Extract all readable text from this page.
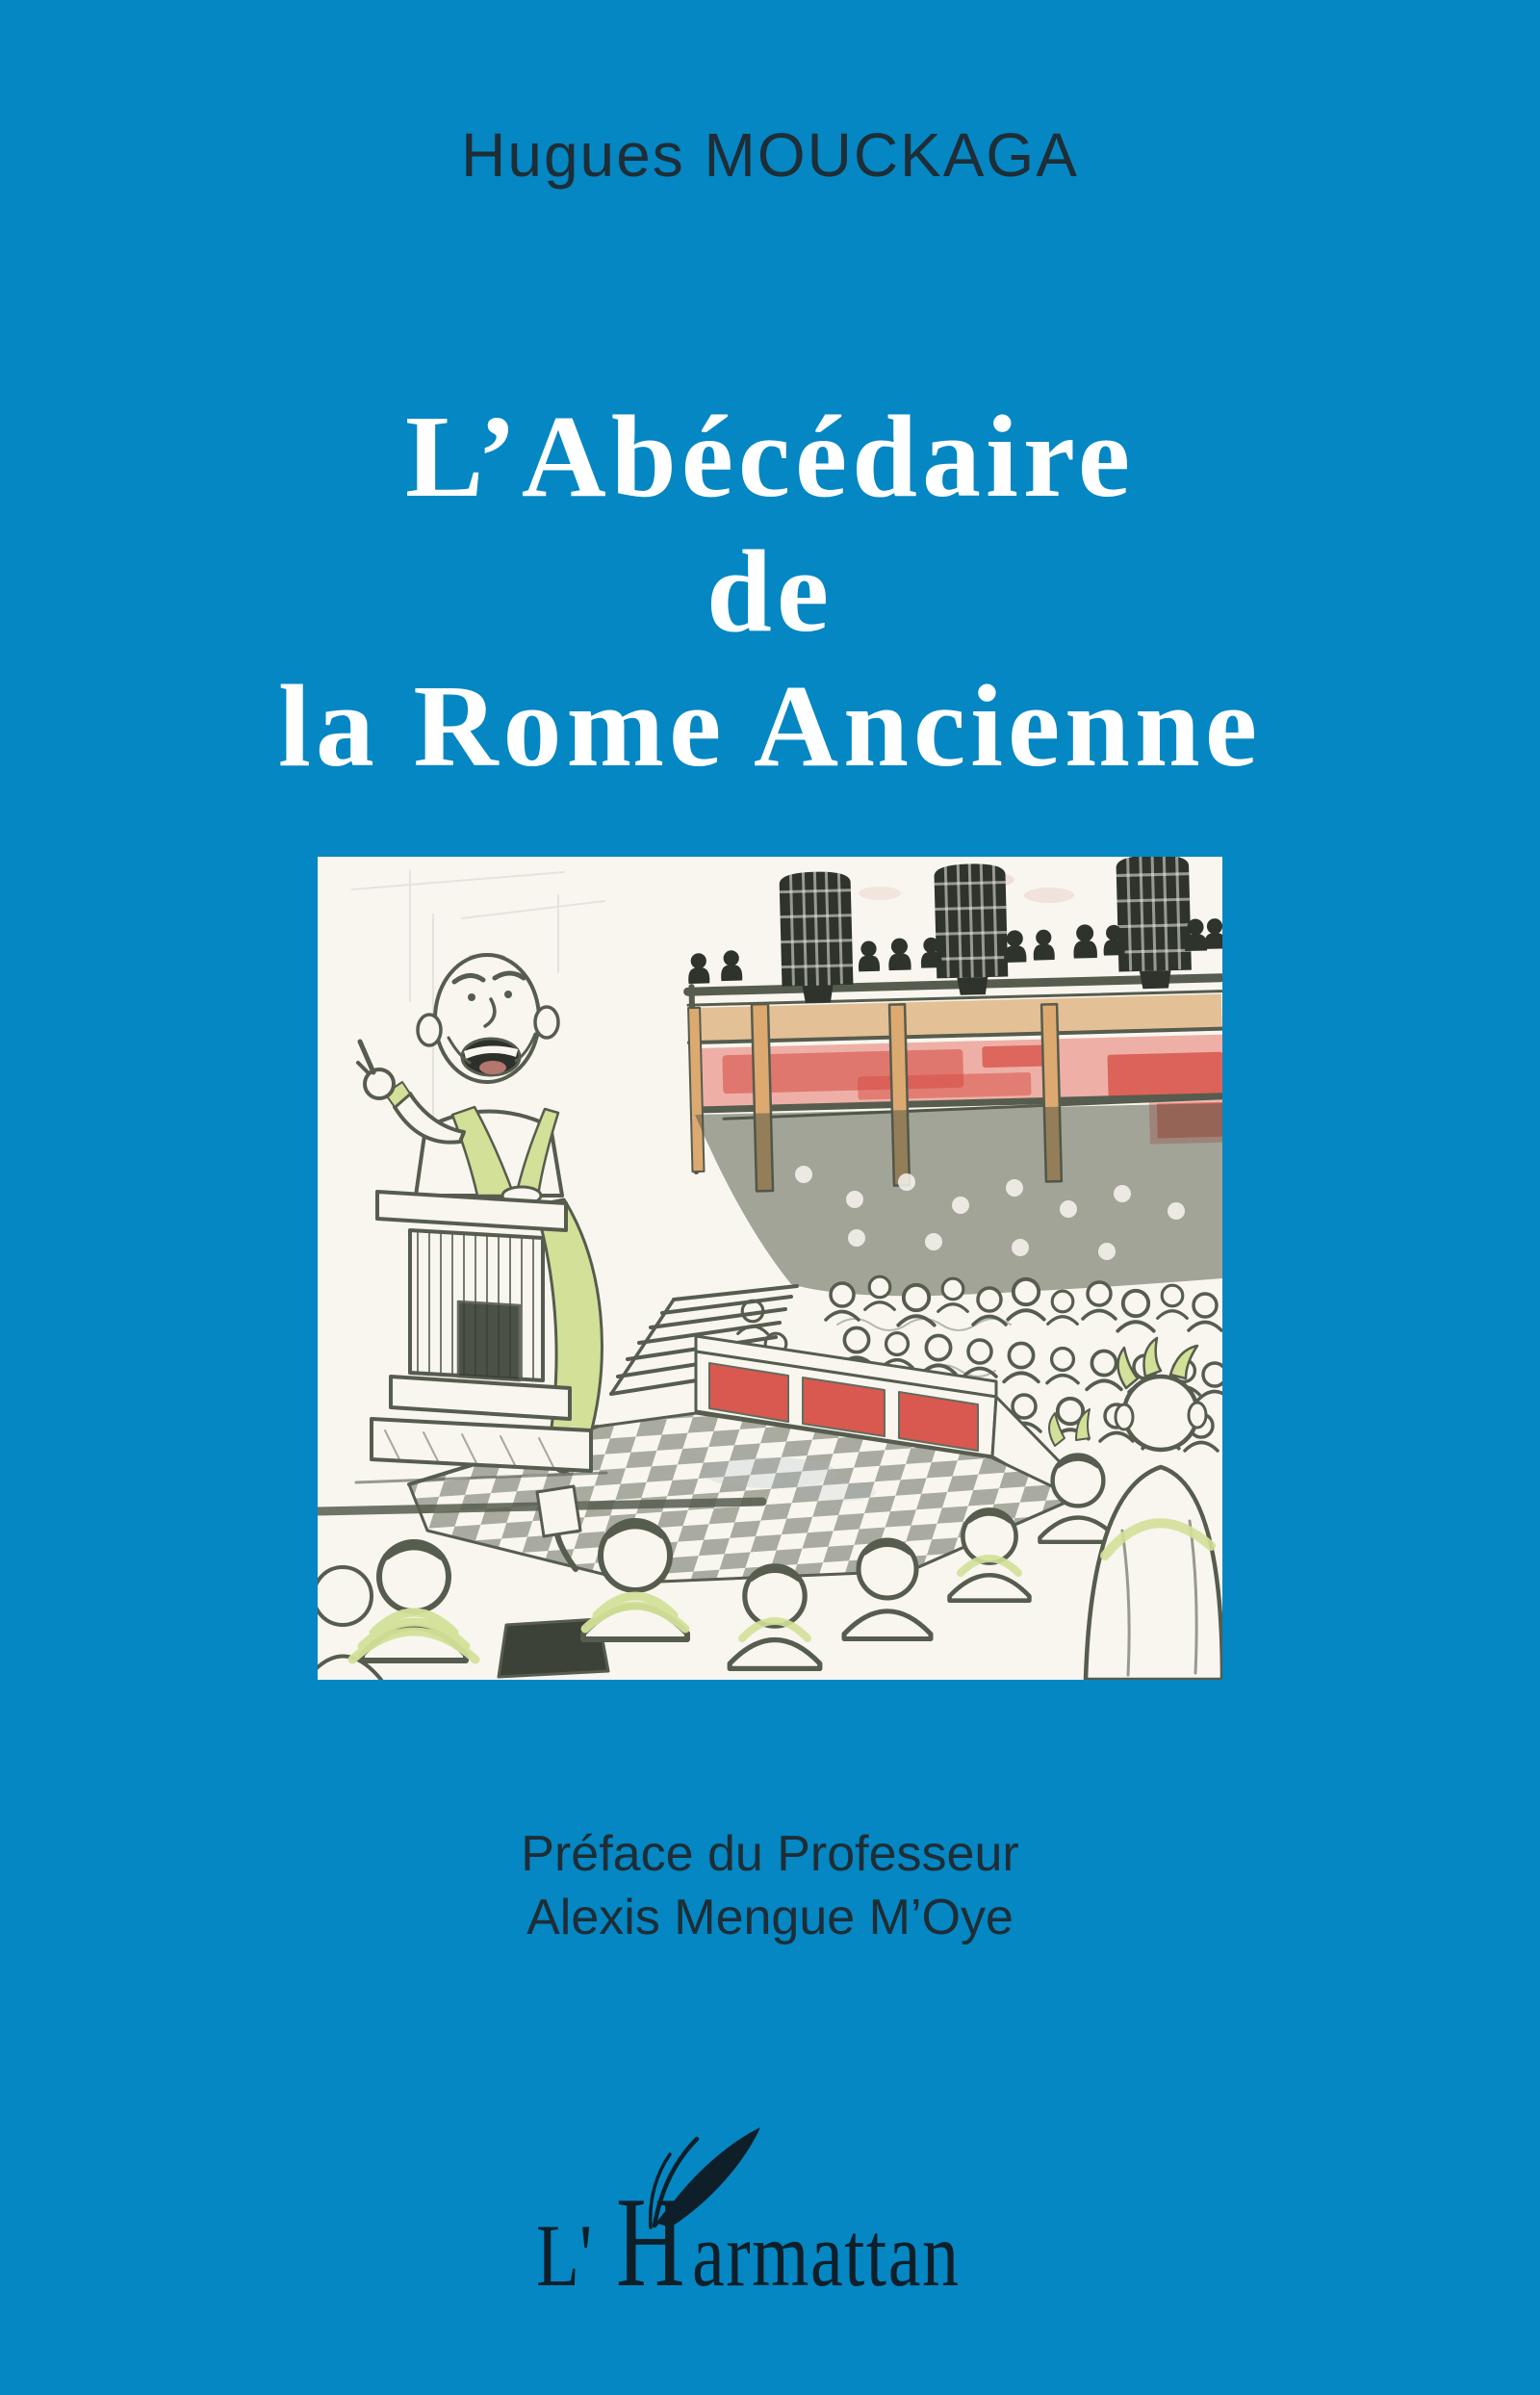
Hugues MOUCKAGA
L’Abécédaire
de
la Rome Ancienne
Préface du Professeur
Alexis Mengue M’Oye
L' H armattan
